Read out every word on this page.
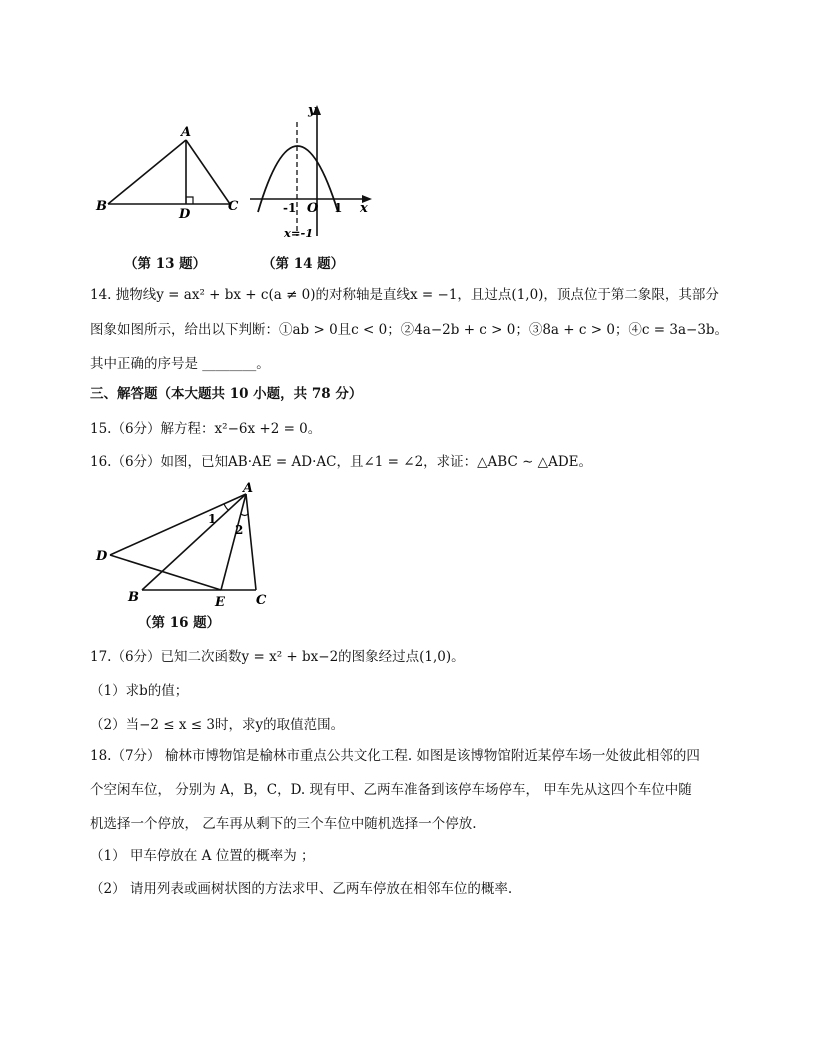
A
B	C
D
（第 13 题）
y
x
O
-1	1
x=-1
（第 14 题）
14. 抛物线y = ax² + bx + c(a ≠ 0)的对称轴是直线x = −1，且过点(1,0)，顶点位于第二象限，其部分
图象如图所示，给出以下判断：①ab > 0且c < 0；②4a−2b + c > 0；③8a + c > 0；④c = 3a−3b。
其中正确的序号是 ________。
三、解答题（本大题共 10 小题，共 78 分）
15.（6分）解方程：x²−6x +2 = 0。
16.（6分）如图，已知AB·AE = AD·AC，且∠1 = ∠2，求证：△ABC ∼ △ADE。
A
D
B	E C
1
2
（第 16 题）
17.（6分）已知二次函数y = x² + bx−2的图象经过点(1,0)。
（1）求b的值；
（2）当−2 ≤ x ≤ 3时，求y的取值范围。
18.（7分） 榆林市博物馆是榆林市重点公共文化工程. 如图是该博物馆附近某停车场一处彼此相邻的四
个空闲车位， 分别为 A，B，C，D. 现有甲、乙两车准备到该停车场停车， 甲车先从这四个车位中随
机选择一个停放， 乙车再从剩下的三个车位中随机选择一个停放.
（1） 甲车停放在 A 位置的概率为 ；
（2） 请用列表或画树状图的方法求甲、乙两车停放在相邻车位的概率.
